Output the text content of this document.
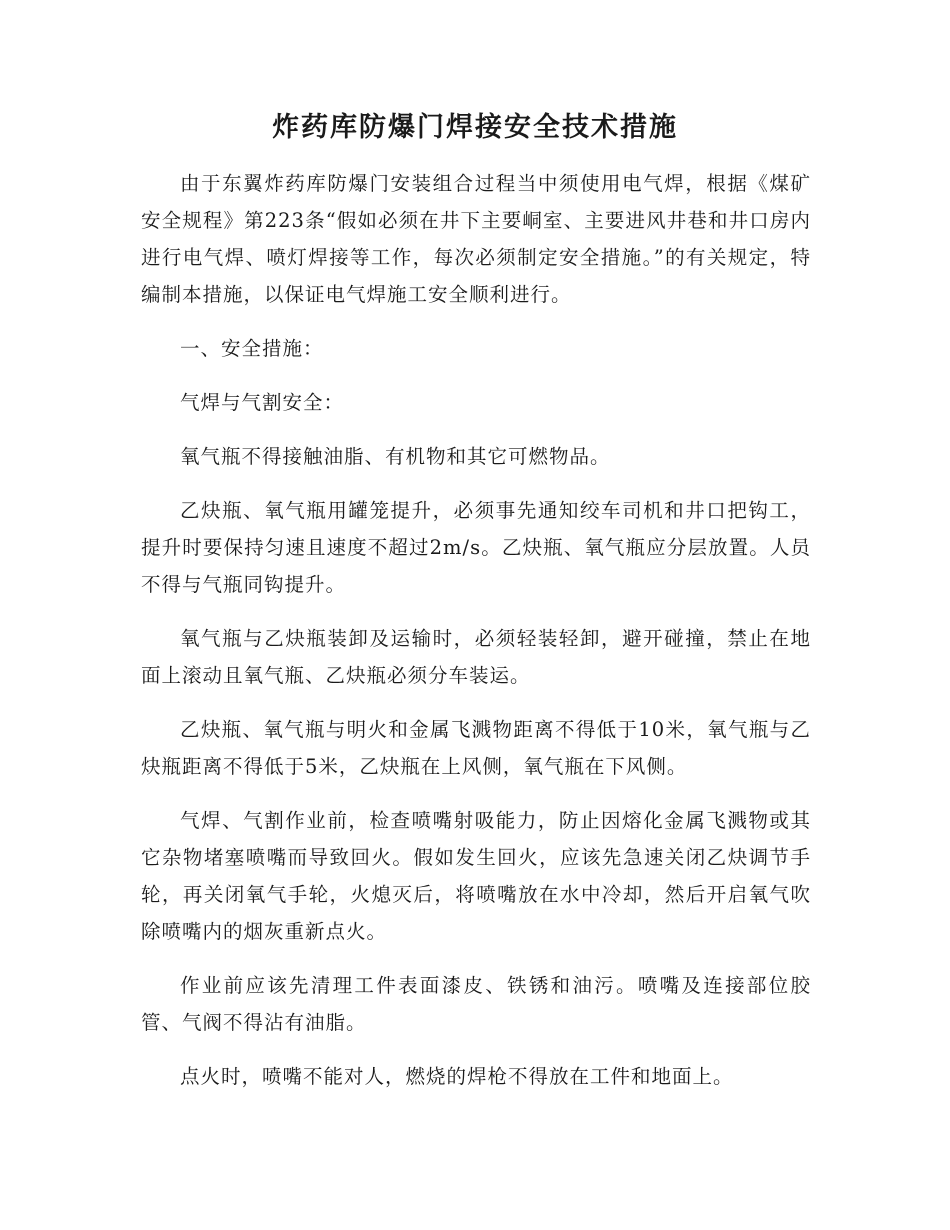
炸药库防爆门焊接安全技术措施

由于东翼炸药库防爆门安装组合过程当中须使用电气焊，根据《煤矿安全规程》第223条“假如必须在井下主要峒室、主要进风井巷和井口房内进行电气焊、喷灯焊接等工作，每次必须制定安全措施。”的有关规定，特编制本措施，以保证电气焊施工安全顺利进行。

一、安全措施：

气焊与气割安全：

氧气瓶不得接触油脂、有机物和其它可燃物品。

乙炔瓶、氧气瓶用罐笼提升，必须事先通知绞车司机和井口把钩工，提升时要保持匀速且速度不超过2m/s。乙炔瓶、氧气瓶应分层放置。人员不得与气瓶同钩提升。

氧气瓶与乙炔瓶装卸及运输时，必须轻装轻卸，避开碰撞，禁止在地面上滚动且氧气瓶、乙炔瓶必须分车装运。

乙炔瓶、氧气瓶与明火和金属飞溅物距离不得低于10米，氧气瓶与乙炔瓶距离不得低于5米，乙炔瓶在上风侧，氧气瓶在下风侧。

气焊、气割作业前，检查喷嘴射吸能力，防止因熔化金属飞溅物或其它杂物堵塞喷嘴而导致回火。假如发生回火，应该先急速关闭乙炔调节手轮，再关闭氧气手轮，火熄灭后，将喷嘴放在水中冷却，然后开启氧气吹除喷嘴内的烟灰重新点火。

作业前应该先清理工件表面漆皮、铁锈和油污。喷嘴及连接部位胶管、气阀不得沾有油脂。

点火时，喷嘴不能对人，燃烧的焊枪不得放在工件和地面上。
